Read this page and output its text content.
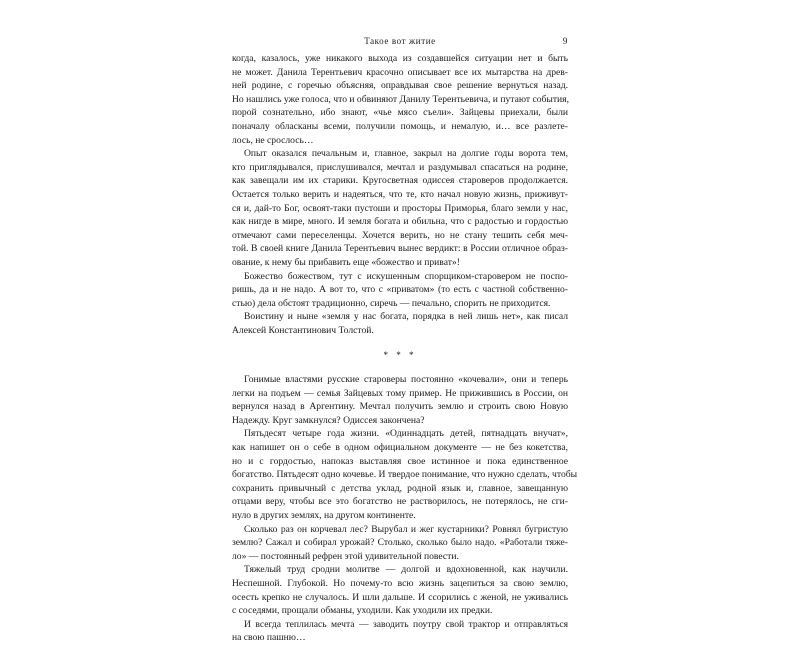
Такое вот житие	9
когда, казалось, уже никакого выхода из создавшейся ситуации нет и быть
не может. Данила Терентьевич красочно описывает все их мытарства на древ-
ней родине, с горечью объясняя, оправдывая свое решение вернуться назад.
Но нашлись уже голоса, что и обвиняют Данилу Терентьевича, и путают события,
порой сознательно, ибо знают, «чье мясо съели». Зайцевы приехали, были
поначалу обласканы всеми, получили помощь, и немалую, и… все разлете-
лось, не срослось…
Опыт оказался печальным и, главное, закрыл на долгие годы ворота тем,
кто приглядывался, прислушивался, мечтал и раздумывал спасаться на родине,
как завещали им их старики. Кругосветная одиссея староверов продолжается.
Остается только верить и надеяться, что те, кто начал новую жизнь, приживут-
ся и, дай-то Бог, освоят-таки пустоши и просторы Приморья, благо земли у нас,
как нигде в мире, много. И земля богата и обильна, что с радостью и гордостью
отмечают сами переселенцы. Хочется верить, но не стану тешить себя меч-
той. В своей книге Данила Терентьевич вынес вердикт: в России отличное образ-
ование, к нему бы прибавить еще «божество и приват»!
Божество божеством, тут с искушенным спорщиком-старовером не поспо-
ришь, да и не надо. А вот то, что с «приватом» (то есть с частной собственно-
стью) дела обстоят традиционно, сиречь — печально, спорить не приходится.
Воистину и ныне «земля у нас богата, порядка в ней лишь нет», как писал
Алексей Константинович Толстой.
* * *
Гонимые властями русские староверы постоянно «кочевали», они и теперь
легки на подъем — семья Зайцевых тому пример. Не прижившись в России, он
вернулся назад в Аргентину. Мечтал получить землю и строить свою Новую
Надежду. Круг замкнулся? Одиссея закончена?
Пятьдесят четыре года жизни. «Одиннадцать детей, пятнадцать внучат»,
как напишет он о себе в одном официальном документе — не без кокетства,
но и с гордостью, напоказ выставляя свое истинное и пока единственное
богатство. Пятьдесят одно кочевье. И твердое понимание, что нужно сделать, чтобы
сохранить привычный с детства уклад, родной язык и, главное, завещанную
отцами веру, чтобы все это богатство не растворилось, не потерялось, не сги-
нуло в других землях, на другом континенте.
Сколько раз он корчевал лес? Вырубал и жег кустарники? Ровнял бугристую
землю? Сажал и собирал урожай? Столько, сколько было надо. «Работали тяже-
ло» — постоянный рефрен этой удивительной повести.
Тяжелый труд сродни молитве — долгой и вдохновенной, как научили.
Неспешной. Глубокой. Но почему-то всю жизнь зацепиться за свою землю,
осесть крепко не случалось. И шли дальше. И ссорились с женой, не уживались
с соседями, прощали обманы, уходили. Как уходили их предки.
И всегда теплилась мечта — заводить поутру свой трактор и отправляться
на свою пашню…
